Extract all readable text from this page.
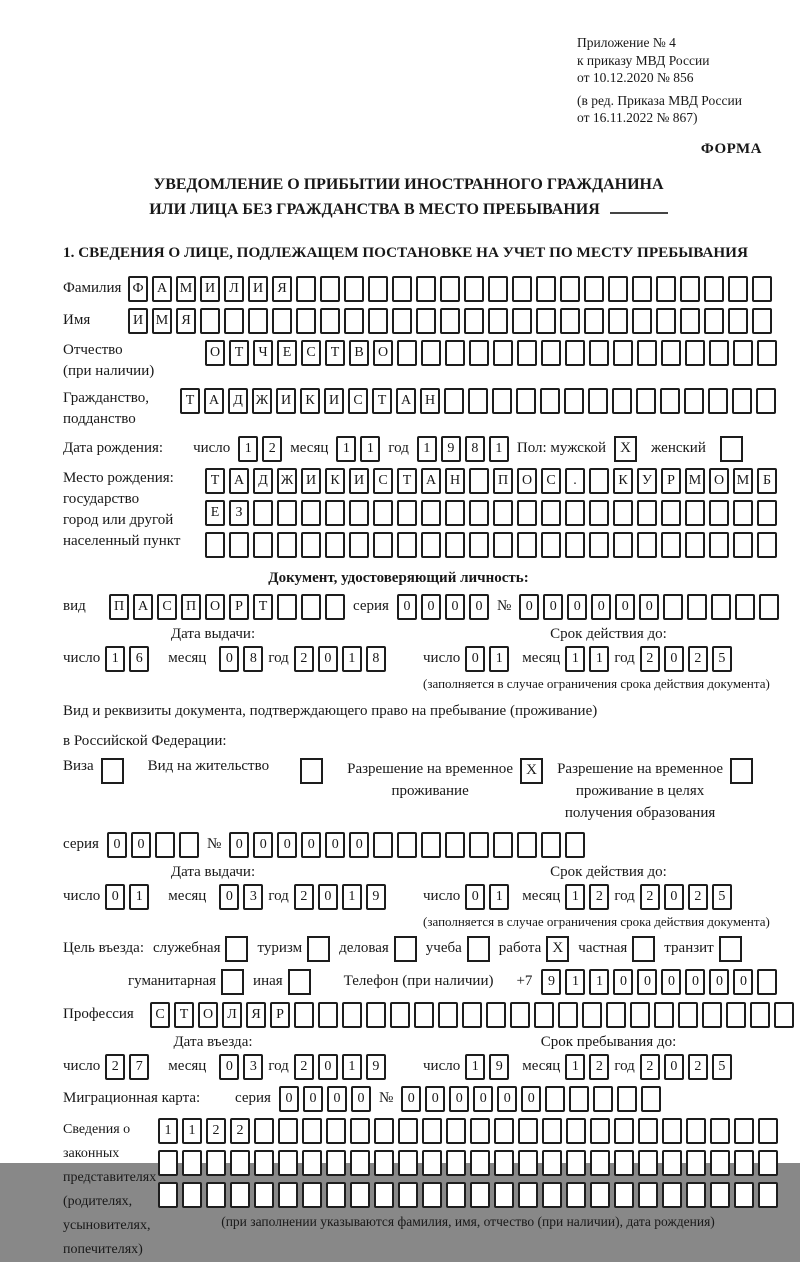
Приложение № 4
к приказу МВД России
от 10.12.2020 № 856
(в ред. Приказа МВД России
от 16.11.2022 № 867)
ФОРМА
УВЕДОМЛЕНИЕ О ПРИБЫТИИ ИНОСТРАННОГО ГРАЖДАНИНА
ИЛИ ЛИЦА БЕЗ ГРАЖДАНСТВА В МЕСТО ПРЕБЫВАНИЯ
1. СВЕДЕНИЯ О ЛИЦЕ, ПОДЛЕЖАЩЕМ ПОСТАНОВКЕ НА УЧЕТ ПО МЕСТУ ПРЕБЫВАНИЯ
Фамилия Ф А М И	Л	И	Я
Имя	И М Я
Отчество
(при наличии)
О	Т	Ч	Е	С	Т	В	О
Гражданство,
подданство
Т	А	Д Ж И	К	И	С	Т	А Н
Дата рождения: число	1	2 месяц	1	1 год	1	9	8	1 Пол: мужской X	женский
Место рождения:
государство
город или другой
населенный пункт
Т	А	Д Ж И	К	И	С	Т	А Н	П О	С	.	К	У	Р М О М Б
Е	З
Документ, удостоверяющий личность:
вид	П А	С	П О	Р	Т	серия	0	0	0	0 №	0	0	0	0	0	0
Дата выдачи:
число 1	6	месяц	0	8 год 2	0	1	8
Срок действия до:
число 0	1	месяц 1	1 год 2	0	2	5
(заполняется в случае ограничения срока действия документа)
Вид и реквизиты документа, подтверждающего право на пребывание (проживание)
в Российской Федерации:
Виза	Вид на жительство	Разрешение на временное
проживание
X	Разрешение на временное
проживание в целях
получения образования
серия	0	0	№	0	0	0	0	0	0
Дата выдачи:
число 0	1	месяц	0	3 год 2	0	1	9
Срок действия до:
число 0	1	месяц 1	2 год 2	0	2	5
(заполняется в случае ограничения срока действия документа)
Цель въезда: служебная туризм деловая учеба работа X	частная транзит
гуманитарная иная	Телефон (при наличии) +7	9	1	1	0	0	0	0	0	0
Профессия	С	Т	О	Л	Я	Р
Дата въезда:
число 2	7	месяц	0	3 год 2	0	1	9
Срок пребывания до:
число 1	9	месяц 1	2 год 2	0	2	5
Миграционная карта:	серия	0	0	0	0 №	0	0	0	0	0	0
Сведения о
законных
представителях
(родителях,
усыновителях,
попечителях)
1	1	2	2
(при заполнении указываются фамилия, имя, отчество (при наличии), дата рождения)
